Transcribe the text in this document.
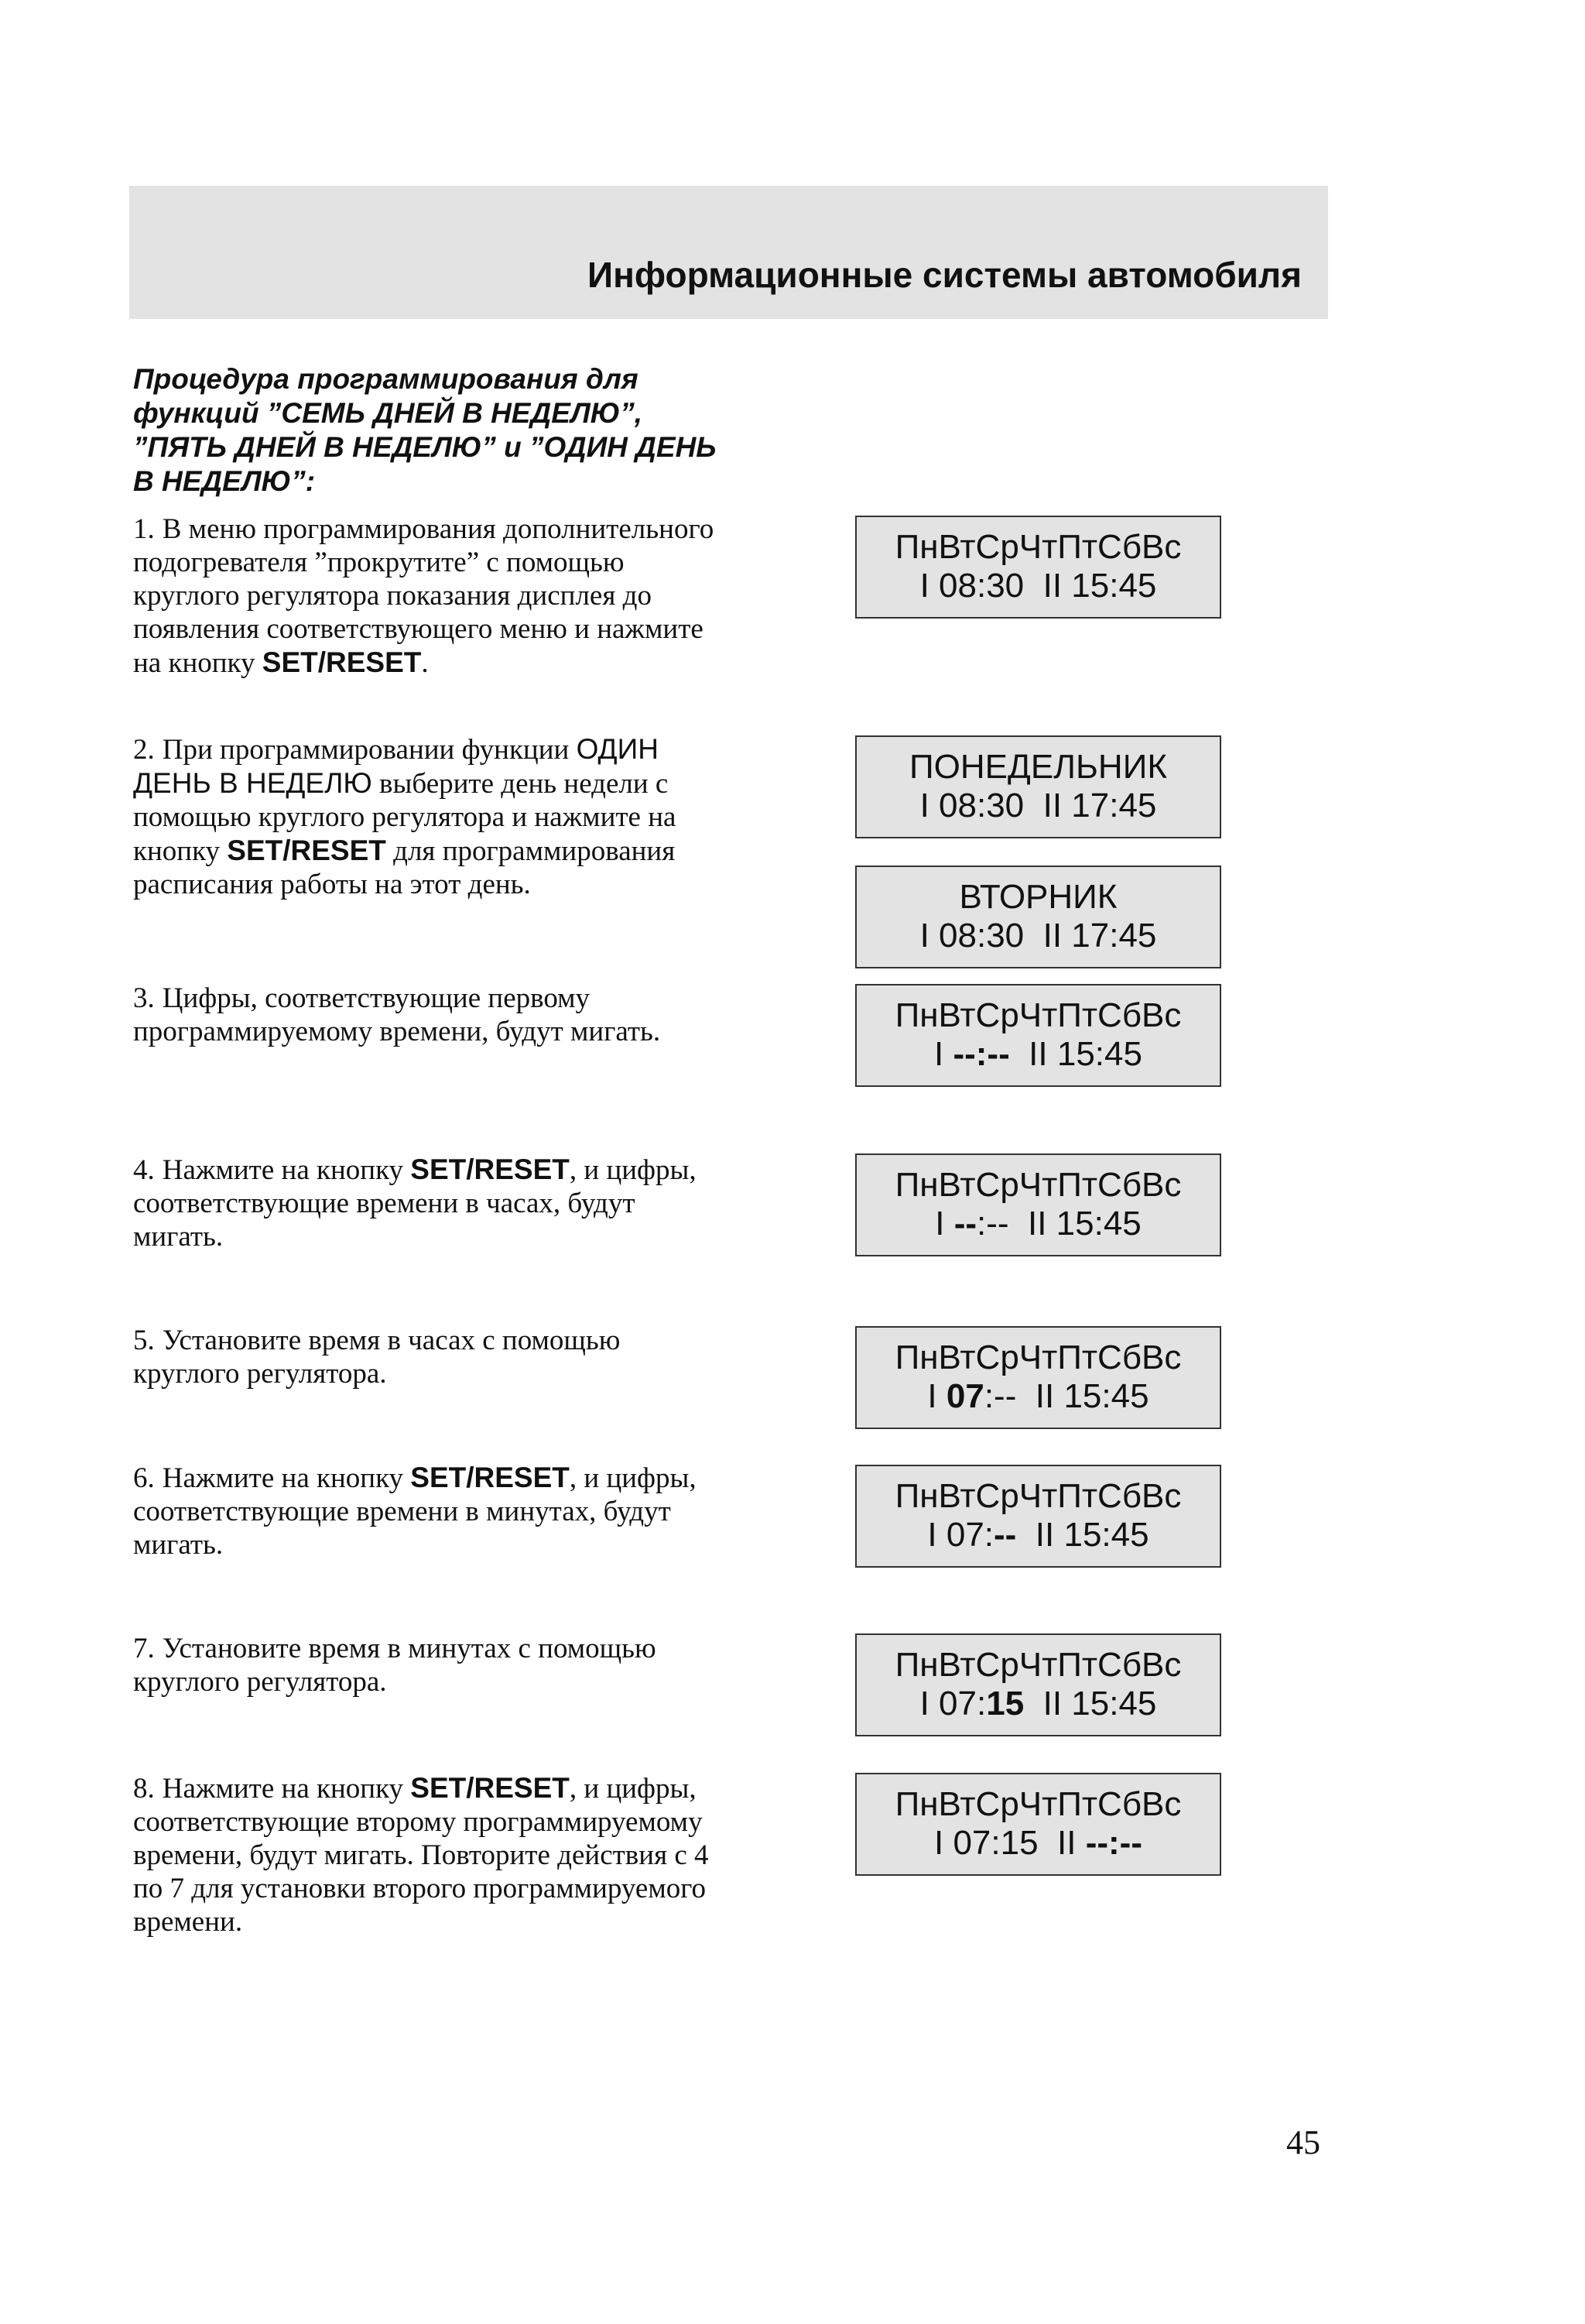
Информационные системы автомобиля
Процедура программирования для функций ”СЕМЬ ДНЕЙ В НЕДЕЛЮ”, ”ПЯТЬ ДНЕЙ В НЕДЕЛЮ” и ”ОДИН ДЕНЬ В НЕДЕЛЮ”:
1. В меню программирования дополнительного подогревателя ”прокрутите” с помощью круглого регулятора показания дисплея до появления соответствующего меню и нажмите на кнопку SET/RESET.
2. При программировании функции ОДИН ДЕНЬ В НЕДЕЛЮ выберите день недели с помощью круглого регулятора и нажмите на кнопку SET/RESET для программирования расписания работы на этот день.
3. Цифры, соответствующие первому программируемому времени, будут мигать.
4. Нажмите на кнопку SET/RESET, и цифры, соответствующие времени в часах, будут мигать.
5. Установите время в часах с помощью круглого регулятора.
6. Нажмите на кнопку SET/RESET, и цифры, соответствующие времени в минутах, будут мигать.
7. Установите время в минутах с помощью круглого регулятора.
8. Нажмите на кнопку SET/RESET, и цифры, соответствующие второму программируемому времени, будут мигать. Повторите действия с 4 по 7 для установки второго программируемого времени.
ПнВтСрЧтПтСбВс
I 08:30  II 15:45
ПОНЕДЕЛЬНИК
I 08:30  II 17:45
ВТОРНИК
I 08:30  II 17:45
ПнВтСрЧтПтСбВс
I --:--  II 15:45
ПнВтСрЧтПтСбВс
I --:--  II 15:45
ПнВтСрЧтПтСбВс
I 07:--  II 15:45
ПнВтСрЧтПтСбВс
I 07:--  II 15:45
ПнВтСрЧтПтСбВс
I 07:15  II 15:45
ПнВтСрЧтПтСбВс
I 07:15  II --:--
45
